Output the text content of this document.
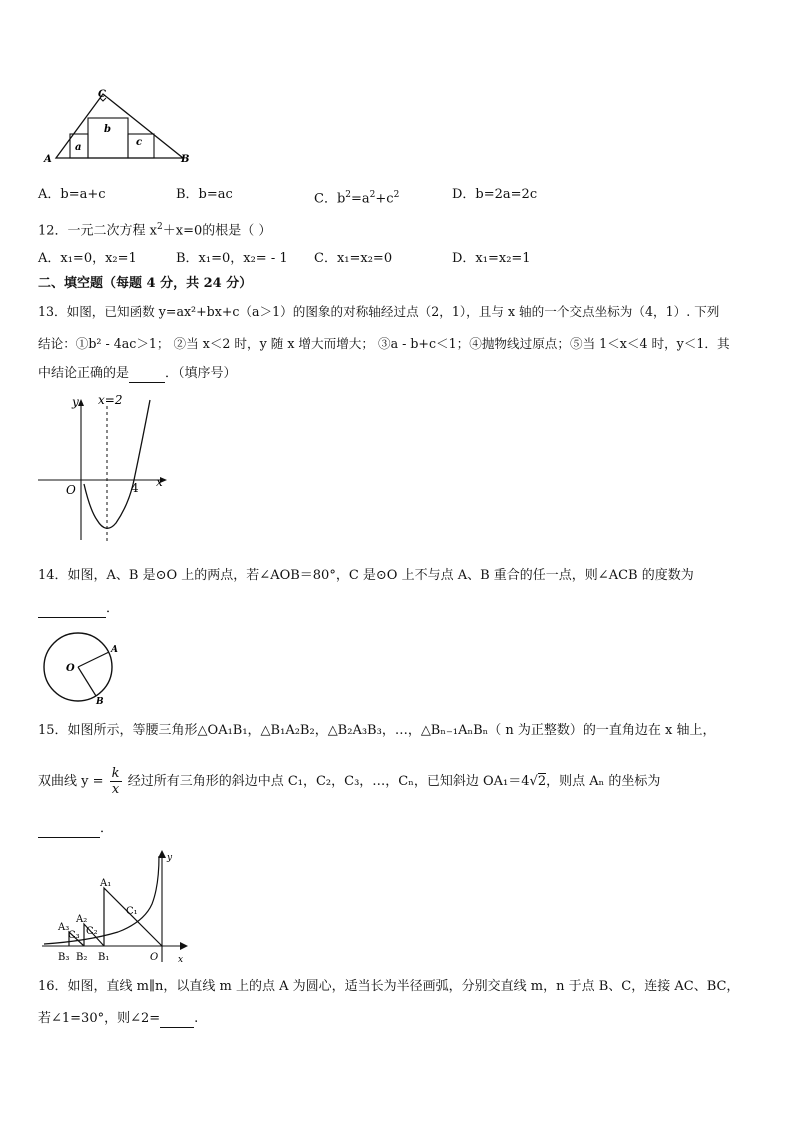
C
A	B
a
b
c
A．b=a+c	B．b=ac	C．$b^2=a^2+c^2$	D．b=2a=2c
12．一元二次方程 $x^2+x=0$的根是（ ）
A．x₁=0，x₂=1	B．x₁=0，x₂= - 1 C．x₁=x₂=0	D．x₁=x₂=1
二、填空题（每题 4 分，共 24 分）
13．如图，已知函数 y=ax²+bx+c（a＞1）的图象的对称轴经过点（2，1），且与 x 轴的一个交点坐标为（4，1）. 下列
结论：①b² - 4ac＞1； ②当 x＜2 时，y 随 x 增大而增大； ③a - b+c＜1；④抛物线过原点；⑤当 1＜x＜4 时，y＜1．其
中结论正确的是	．（填序号）
y
x
x=2
O	4
14．如图，A、B 是⊙O 上的两点，若∠AOB＝80°，C 是⊙O 上不与点 A、B 重合的任一点，则∠ACB 的度数为
．
O
A
B
15．如图所示，等腰三角形△OA₁B₁，△B₁A₂B₂，△B₂A₃B₃，…，△Bₙ₋₁AₙBₙ（ n 为正整数）的一直角边在 x 轴上，
双曲线 $y = \frac{k}{x}$ 经过所有三角形的斜边中点 C₁，C₂，C₃，…，Cₙ，已知斜边 OA₁＝4√2，则点 Aₙ 的坐标为
．
y
x
O
A₁
A₂
A₃
C₁
C₂
C₃
B₁
B₂
B₃
16．如图，直线 m∥n，以直线 m 上的点 A 为圆心，适当长为半径画弧，分别交直线 m，n 于点 B、C，连接 AC、BC，
若∠1=30°，则∠2=	.
